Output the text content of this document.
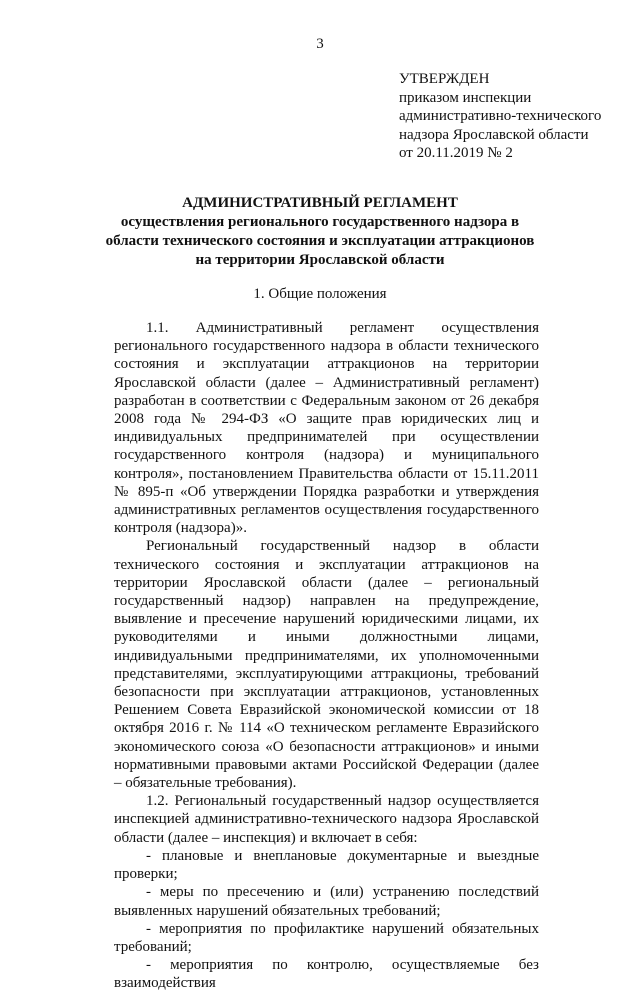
3
УТВЕРЖДЕН
приказом инспекции
административно-технического
надзора Ярославской области
от 20.11.2019 № 2
АДМИНИСТРАТИВНЫЙ РЕГЛАМЕНТ
осуществления регионального государственного надзора в области технического состояния и эксплуатации аттракционов на территории Ярославской области
1. Общие положения

1.1. Административный регламент осуществления регионального государственного надзора в области технического состояния и эксплуатации аттракционов на территории Ярославской области (далее – Административный регламент) разработан в соответствии с Федеральным законом от 26 декабря 2008 года № 294-ФЗ «О защите прав юридических лиц и индивидуальных предпринимателей при осуществлении государственного контроля (надзора) и муниципального контроля», постановлением Правительства области от 15.11.2011 № 895-п «Об утверждении Порядка разработки и утверждения административных регламентов осуществления государственного контроля (надзора)».

Региональный государственный надзор в области технического состояния и эксплуатации аттракционов на территории Ярославской области (далее – региональный государственный надзор) направлен на предупреждение, выявление и пресечение нарушений юридическими лицами, их руководителями и иными должностными лицами, индивидуальными предпринимателями, их уполномоченными представителями, эксплуатирующими аттракционы, требований безопасности при эксплуатации аттракционов, установленных Решением Совета Евразийской экономической комиссии от 18 октября 2016 г. № 114 «О техническом регламенте Евразийского экономического союза «О безопасности аттракционов» и иными нормативными правовыми актами Российской Федерации (далее – обязательные требования).

1.2. Региональный государственный надзор осуществляется инспекцией административно-технического надзора Ярославской области (далее – инспекция) и включает в себя:

- плановые и внеплановые документарные и выездные проверки;

- меры по пресечению и (или) устранению последствий выявленных нарушений обязательных требований;

- мероприятия по профилактике нарушений обязательных требований;

- мероприятия по контролю, осуществляемые без взаимодействия
